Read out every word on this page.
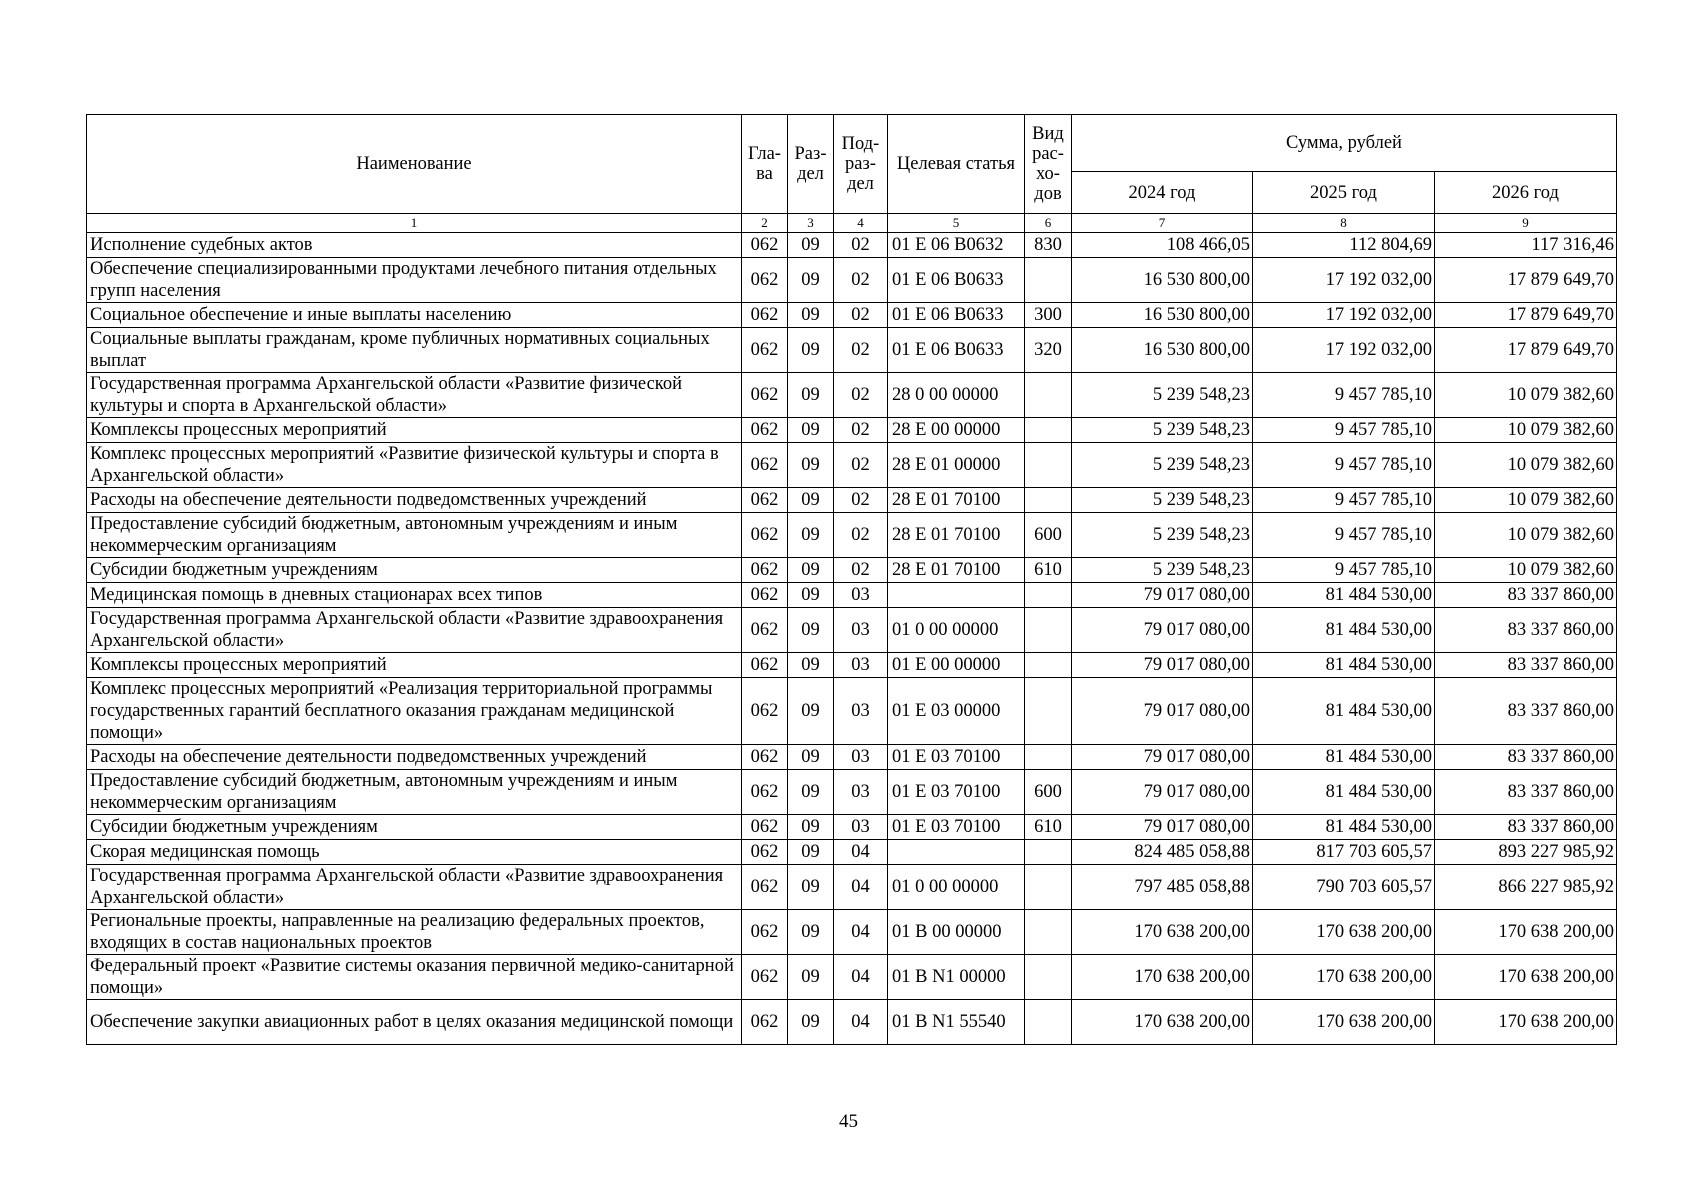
Наименование	Гла-ва	Раз-дел	Под-раз-дел	Целевая статья	Вид рас-хо-дов	Сумма, рублей		
						2024 год	2025 год	2026 год
1	2	3	4	5	6	7	8	9
Исполнение судебных актов	062	09	02	01 Е 06 В0632	830	108 466,05	112 804,69	117 316,46
Обеспечение специализированными продуктами лечебного питания отдельных групп населения	062	09	02	01 Е 06 В0633		16 530 800,00	17 192 032,00	17 879 649,70
Социальное обеспечение и иные выплаты населению	062	09	02	01 Е 06 В0633	300	16 530 800,00	17 192 032,00	17 879 649,70
Социальные выплаты гражданам, кроме публичных нормативных социальных выплат	062	09	02	01 Е 06 В0633	320	16 530 800,00	17 192 032,00	17 879 649,70
Государственная программа Архангельской области «Развитие физической культуры и спорта в Архангельской области»	062	09	02	28 0 00 00000		5 239 548,23	9 457 785,10	10 079 382,60
Комплексы процессных мероприятий	062	09	02	28 Е 00 00000		5 239 548,23	9 457 785,10	10 079 382,60
Комплекс процессных мероприятий «Развитие физической культуры и спорта в Архангельской области»	062	09	02	28 Е 01 00000		5 239 548,23	9 457 785,10	10 079 382,60
Расходы на обеспечение деятельности подведомственных учреждений	062	09	02	28 Е 01 70100		5 239 548,23	9 457 785,10	10 079 382,60
Предоставление субсидий бюджетным, автономным учреждениям и иным некоммерческим организациям	062	09	02	28 Е 01 70100	600	5 239 548,23	9 457 785,10	10 079 382,60
Субсидии бюджетным учреждениям	062	09	02	28 Е 01 70100	610	5 239 548,23	9 457 785,10	10 079 382,60
Медицинская помощь в дневных стационарах всех типов	062	09	03			79 017 080,00	81 484 530,00	83 337 860,00
Государственная программа Архангельской области «Развитие здравоохранения Архангельской области»	062	09	03	01 0 00 00000		79 017 080,00	81 484 530,00	83 337 860,00
Комплексы процессных мероприятий	062	09	03	01 Е 00 00000		79 017 080,00	81 484 530,00	83 337 860,00
Комплекс процессных мероприятий «Реализация территориальной программы государственных гарантий бесплатного оказания гражданам медицинской помощи»	062	09	03	01 Е 03 00000		79 017 080,00	81 484 530,00	83 337 860,00
Расходы на обеспечение деятельности подведомственных учреждений	062	09	03	01 Е 03 70100		79 017 080,00	81 484 530,00	83 337 860,00
Предоставление субсидий бюджетным, автономным учреждениям и иным некоммерческим организациям	062	09	03	01 Е 03 70100	600	79 017 080,00	81 484 530,00	83 337 860,00
Субсидии бюджетным учреждениям	062	09	03	01 Е 03 70100	610	79 017 080,00	81 484 530,00	83 337 860,00
Скорая медицинская помощь	062	09	04			824 485 058,88	817 703 605,57	893 227 985,92
Государственная программа Архангельской области «Развитие здравоохранения Архангельской области»	062	09	04	01 0 00 00000		797 485 058,88	790 703 605,57	866 227 985,92
Региональные проекты, направленные на реализацию федеральных проектов, входящих в состав национальных проектов	062	09	04	01 В 00 00000		170 638 200,00	170 638 200,00	170 638 200,00
Федеральный проект «Развитие системы оказания первичной медико-санитарной помощи»	062	09	04	01 В N1 00000		170 638 200,00	170 638 200,00	170 638 200,00
Обеспечение закупки авиационных работ в целях оказания медицинской помощи	062	09	04	01 В N1 55540		170 638 200,00	170 638 200,00	170 638 200,00
45
